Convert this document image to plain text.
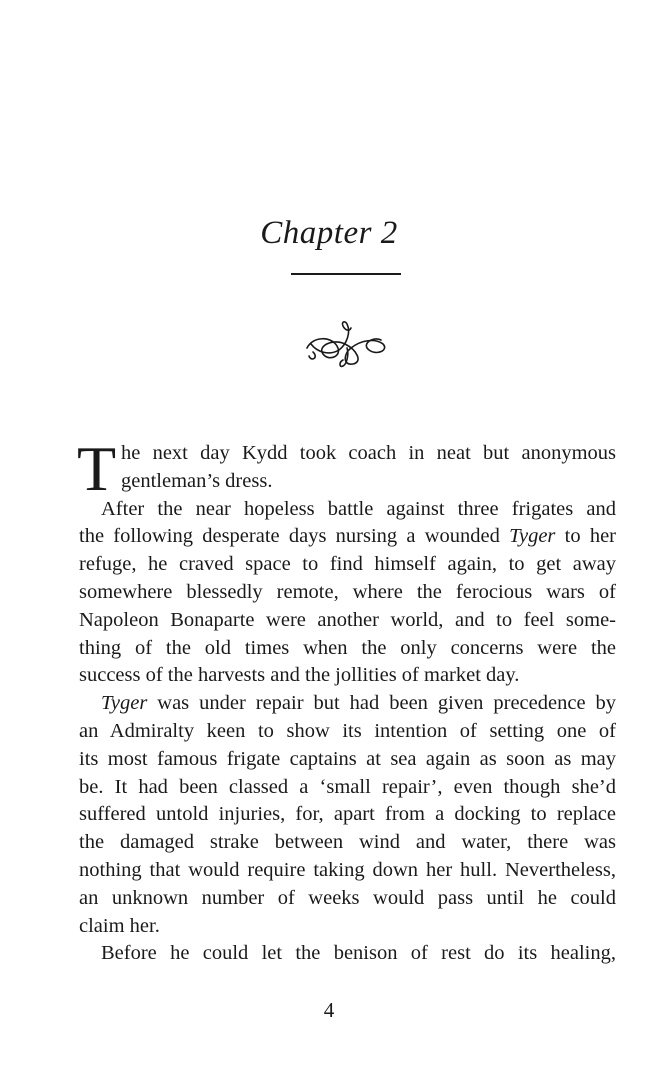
Chapter 2
T he next day Kydd took coach in neat but anonymous
gentleman’s dress.
After the near hopeless battle against three frigates and
the following desperate days nursing a wounded Tyger to her
refuge, he craved space to find himself again, to get away
somewhere blessedly remote, where the ferocious wars of
Napoleon Bonaparte were another world, and to feel some-
thing of the old times when the only concerns were the
success of the harvests and the jollities of market day.
Tyger was under repair but had been given precedence by
an Admiralty keen to show its intention of setting one of
its most famous frigate captains at sea again as soon as may
be. It had been classed a ‘small repair’, even though she’d
suffered untold injuries, for, apart from a docking to replace
the damaged strake between wind and water, there was
nothing that would require taking down her hull. Nevertheless,
an unknown number of weeks would pass until he could
claim her.
Before he could let the benison of rest do its healing,
4
